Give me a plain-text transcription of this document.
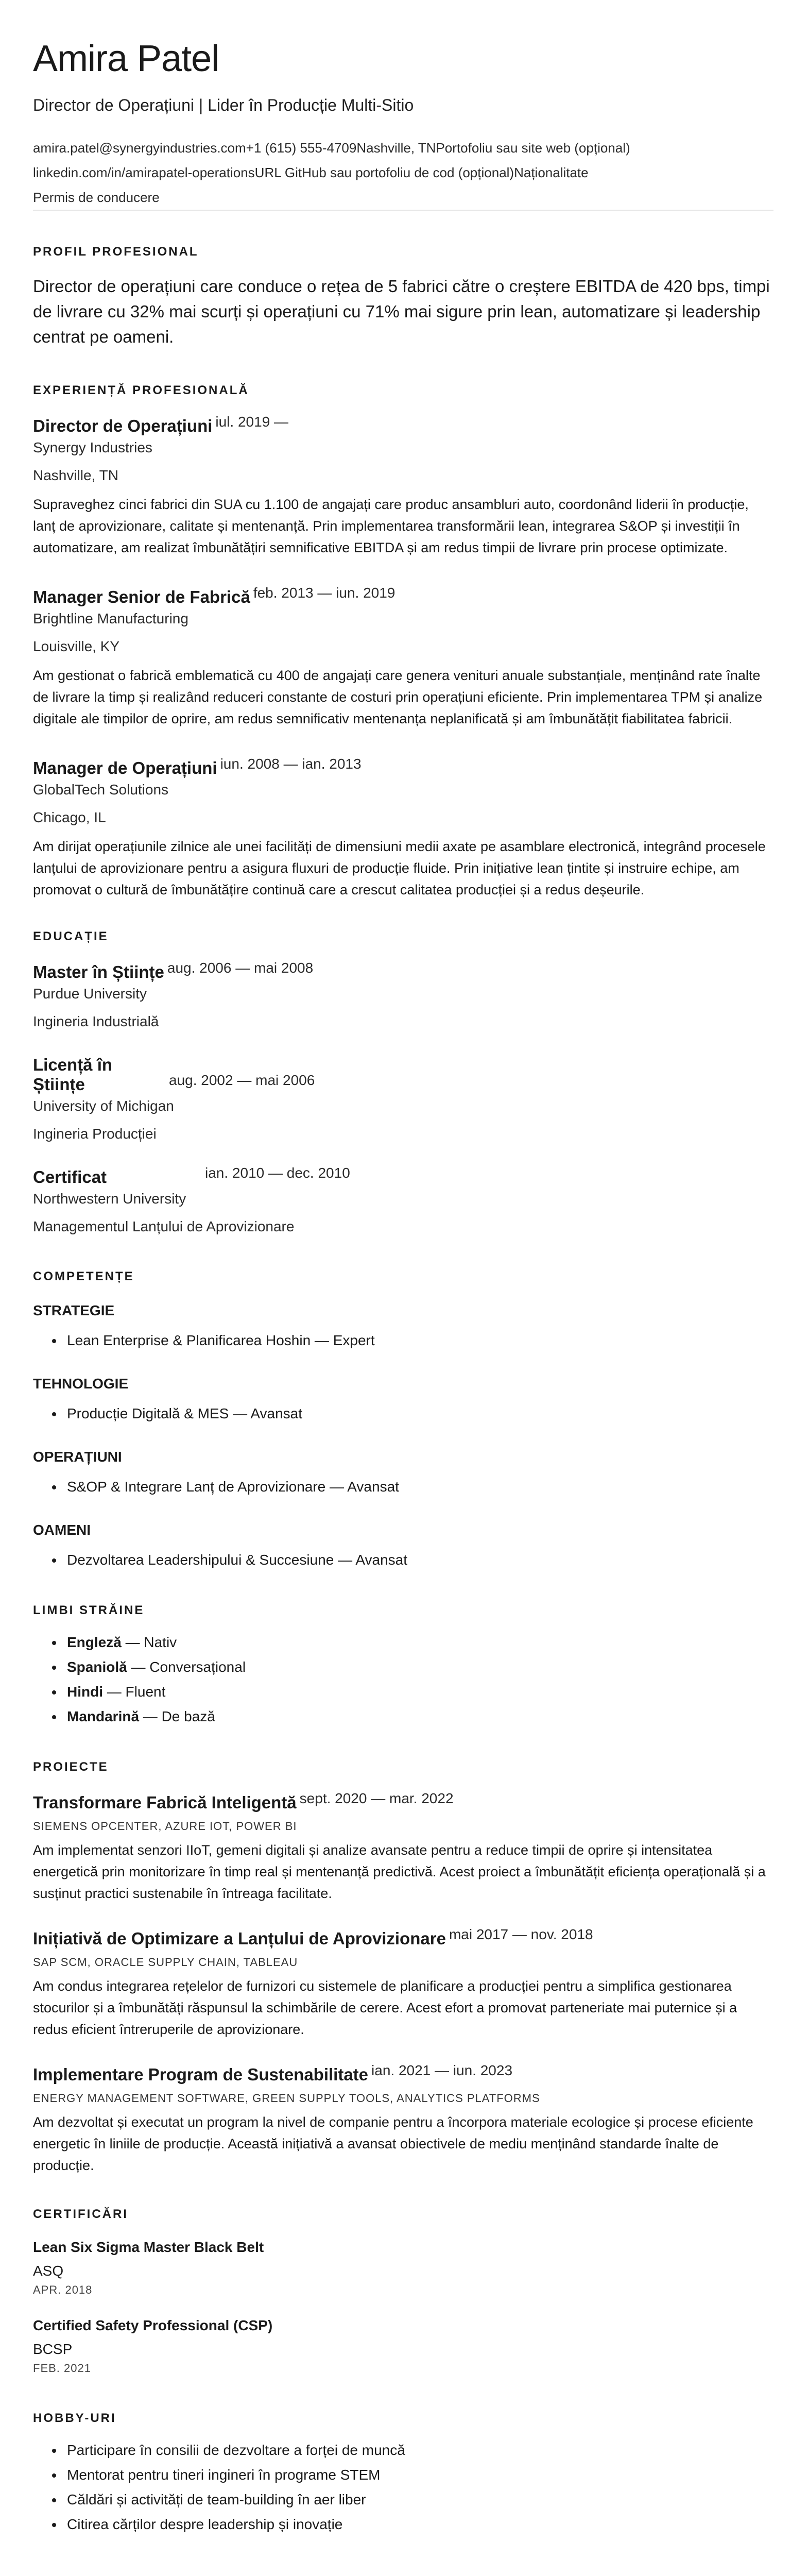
Amira Patel
Director de Operațiuni | Lider în Producție Multi-Sitio
amira.patel@synergyindustries.com+1 (615) 555-4709Nashville, TNPortofoliu sau site web (opțional)
linkedin.com/in/amirapatel-operationsURL GitHub sau portofoliu de cod (opțional)Naționalitate
Permis de conducere
PROFIL PROFESIONAL

Director de operațiuni care conduce o rețea de 5 fabrici către o creștere EBITDA de 420 bps, timpi de livrare cu 32% mai scurți și operațiuni cu 71% mai sigure prin lean, automatizare și leadership centrat pe oameni.

EXPERIENȚĂ PROFESIONALĂ
Director de Operațiuni iul. 2019 —
Synergy Industries
Nashville, TN
Supraveghez cinci fabrici din SUA cu 1.100 de angajați care produc ansambluri auto, coordonând liderii în producție, lanț de aprovizionare, calitate și mentenanță. Prin implementarea transformării lean, integrarea S&OP și investiții în automatizare, am realizat îmbunătățiri semnificative EBITDA și am redus timpii de livrare prin procese optimizate.
Manager Senior de Fabrică feb. 2013 — iun. 2019
Brightline Manufacturing
Louisville, KY
Am gestionat o fabrică emblematică cu 400 de angajați care genera venituri anuale substanțiale, menținând rate înalte de livrare la timp și realizând reduceri constante de costuri prin operațiuni eficiente. Prin implementarea TPM și analize digitale ale timpilor de oprire, am redus semnificativ mentenanța neplanificată și am îmbunătățit fiabilitatea fabricii.
Manager de Operațiuni iun. 2008 — ian. 2013
GlobalTech Solutions
Chicago, IL
Am dirijat operațiunile zilnice ale unei facilități de dimensiuni medii axate pe asamblare electronică, integrând procesele lanțului de aprovizionare pentru a asigura fluxuri de producție fluide. Prin inițiative lean țintite și instruire echipe, am promovat o cultură de îmbunătățire continuă care a crescut calitatea producției și a redus deșeurile.
EDUCAȚIE
Master în Științe aug. 2006 — mai 2008
Purdue University
Ingineria Industrială
Licență în Științe	aug. 2002 — mai 2006
University of Michigan
Ingineria Producției
Certificat	ian. 2010 — dec. 2010
Northwestern University
Managementul Lanțului de Aprovizionare
COMPETENȚE
STRATEGIE
• Lean Enterprise & Planificarea Hoshin — Expert
TEHNOLOGIE
• Producție Digitală & MES — Avansat
OPERAȚIUNI
• S&OP & Integrare Lanț de Aprovizionare — Avansat
OAMENI
• Dezvoltarea Leadershipului & Succesiune — Avansat
LIMBI STRĂINE
• Engleză — Nativ
• Spaniolă — Conversațional
• Hindi — Fluent
• Mandarină — De bază
PROIECTE
Transformare Fabrică Inteligentă sept. 2020 — mar. 2022
SIEMENS OPCENTER, AZURE IOT, POWER BI
Am implementat senzori IIoT, gemeni digitali și analize avansate pentru a reduce timpii de oprire și intensitatea energetică prin monitorizare în timp real și mentenanță predictivă. Acest proiect a îmbunătățit eficiența operațională și a susținut practici sustenabile în întreaga facilitate.
Inițiativă de Optimizare a Lanțului de Aprovizionare mai 2017 — nov. 2018
SAP SCM, ORACLE SUPPLY CHAIN, TABLEAU
Am condus integrarea rețelelor de furnizori cu sistemele de planificare a producției pentru a simplifica gestionarea stocurilor și a îmbunătăți răspunsul la schimbările de cerere. Acest efort a promovat parteneriate mai puternice și a redus eficient întreruperile de aprovizionare.
Implementare Program de Sustenabilitate ian. 2021 — iun. 2023
ENERGY MANAGEMENT SOFTWARE, GREEN SUPPLY TOOLS, ANALYTICS PLATFORMS
Am dezvoltat și executat un program la nivel de companie pentru a încorpora materiale ecologice și procese eficiente energetic în liniile de producție. Această inițiativă a avansat obiectivele de mediu menținând standarde înalte de producție.
CERTIFICĂRI
Lean Six Sigma Master Black Belt
ASQ
APR. 2018
Certified Safety Professional (CSP)
BCSP
FEB. 2021
HOBBY-URI
• Participare în consilii de dezvoltare a forței de muncă
• Mentorat pentru tineri ingineri în programe STEM
• Căldări și activități de team-building în aer liber
• Citirea cărților despre leadership și inovație
